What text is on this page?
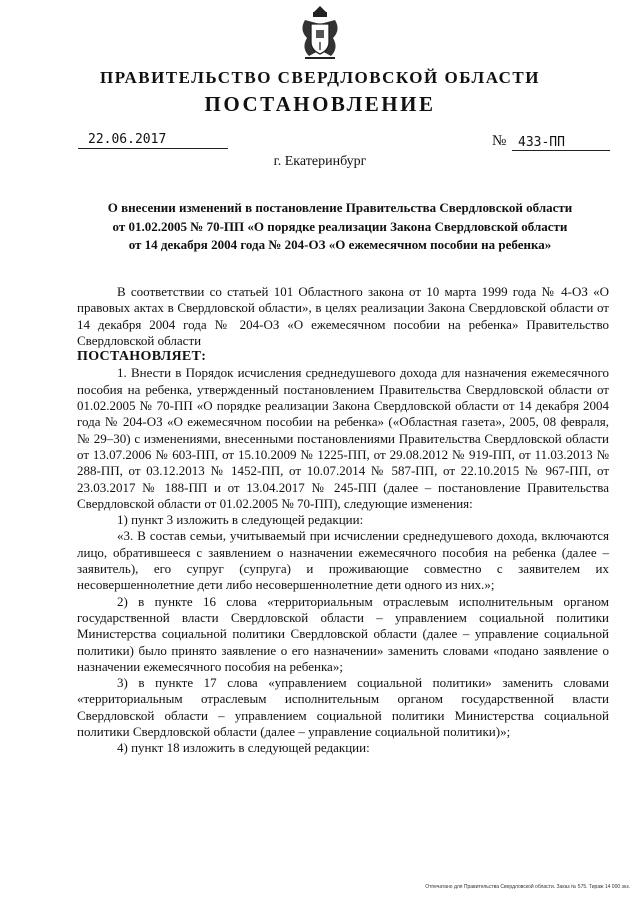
ПРАВИТЕЛЬСТВО СВЕРДЛОВСКОЙ ОБЛАСТИ
ПОСТАНОВЛЕНИЕ
22.06.2017	№ 433-ПП
г. Екатеринбург
О внесении изменений в постановление Правительства Свердловской области
от 01.02.2005 № 70-ПП «О порядке реализации Закона Свердловской области
от 14 декабря 2004 года № 204-ОЗ «О ежемесячном пособии на ребенка»

В соответствии со статьей 101 Областного закона от 10 марта 1999 года № 4-ОЗ «О правовых актах в Свердловской области», в целях реализации Закона Свердловской области от 14 декабря 2004 года № 204-ОЗ «О ежемесячном пособии на ребенка» Правительство Свердловской области

ПОСТАНОВЛЯЕТ:

1. Внести в Порядок исчисления среднедушевого дохода для назначения ежемесячного пособия на ребенка, утвержденный постановлением Правительства Свердловской области от 01.02.2005 № 70-ПП «О порядке реализации Закона Свердловской области от 14 декабря 2004 года № 204-ОЗ «О ежемесячном пособии на ребенка» («Областная газета», 2005, 08 февраля, № 29–30) с изменениями, внесенными постановлениями Правительства Свердловской области от 13.07.2006 № 603-ПП, от 15.10.2009 № 1225-ПП, от 29.08.2012 № 919-ПП, от 11.03.2013 № 288-ПП, от 03.12.2013 № 1452-ПП, от 10.07.2014 № 587-ПП, от 22.10.2015 № 967-ПП, от 23.03.2017 № 188-ПП и от 13.04.2017 № 245-ПП (далее – постановление Правительства Свердловской области от 01.02.2005 № 70-ПП), следующие изменения:

1) пункт 3 изложить в следующей редакции:

«3. В состав семьи, учитываемый при исчислении среднедушевого дохода, включаются лицо, обратившееся с заявлением о назначении ежемесячного пособия на ребенка (далее – заявитель), его супруг (супруга) и проживающие совместно с заявителем их несовершеннолетние дети либо несовершеннолетние дети одного из них.»;

2) в пункте 16 слова «территориальным отраслевым исполнительным органом государственной власти Свердловской области – управлением социальной политики Министерства социальной политики Свердловской области (далее – управление социальной политики) было принято заявление о его назначении» заменить словами «подано заявление о назначении ежемесячного пособия на ребенка»;

3) в пункте 17 слова «управлением социальной политики» заменить словами «территориальным отраслевым исполнительным органом государственной власти Свердловской области – управлением социальной политики Министерства социальной политики Свердловской области (далее – управление социальной политики)»;

4) пункт 18 изложить в следующей редакции:

Отпечатано для Правительства Свердловской области. Заказ № 575. Тираж 14 000 экз.
